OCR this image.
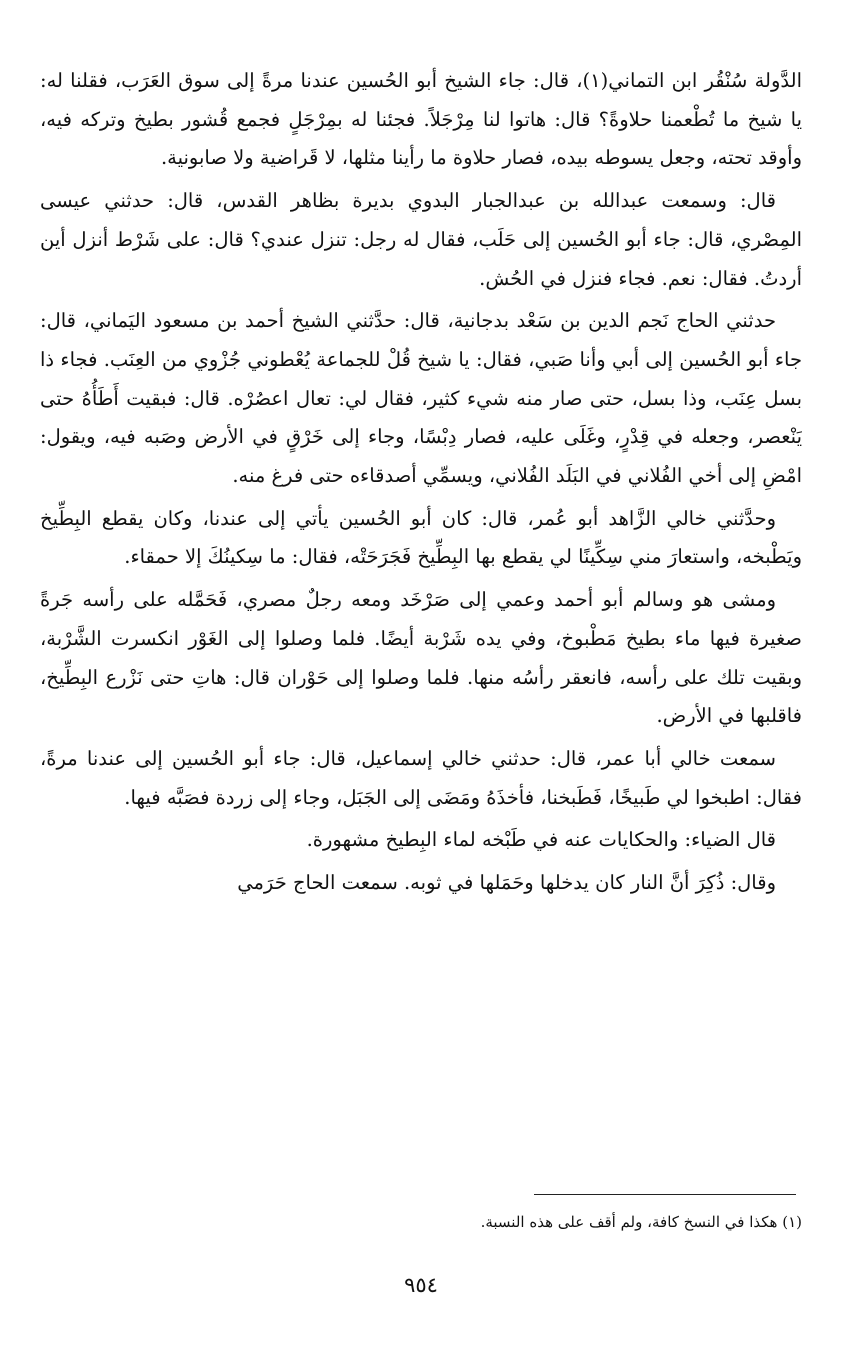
الدَّولة سُنْقُر ابن التماني(١)، قال: جاء الشيخ أبو الحُسين عندنا مرةً إلى سوق العَرَب، فقلنا له: يا شيخ ما تُطْعمنا حلاوةً؟ قال: هاتوا لنا مِرْجَلاً. فجئنا له بمِرْجَلٍ فجمع قُشور بطيخ وتركه فيه، وأوقد تحته، وجعل يسوطه بيده، فصار حلاوة ما رأينا مثلها، لا قَراضية ولا صابونية.

قال: وسمعت عبدالله بن عبدالجبار البدوي بديرة بظاهر القدس، قال: حدثني عيسى المِصْري، قال: جاء أبو الحُسين إلى حَلَب، فقال له رجل: تنزل عندي؟ قال: على شَرْط أنزل أين أردتُ. فقال: نعم. فجاء فنزل في الحُش.

حدثني الحاج نَجم الدين بن سَعْد بدجانية، قال: حدَّثني الشيخ أحمد بن مسعود اليَماني، قال: جاء أبو الحُسين إلى أبي وأنا صَبي، فقال: يا شيخ قُلْ للجماعة يُعْطوني جُزْوي من العِنَب. فجاء ذا بسل عِنَب، وذا بسل، حتى صار منه شيء كثير، فقال لي: تعال اعصُرْه. قال: فبقيت أَطَأُهُ حتى يَنْعصر، وجعله في قِدْرٍ، وغَلَى عليه، فصار دِبْسًا، وجاء إلى خَرْقٍ في الأرض وصَبه فيه، ويقول: امْضِ إلى أخي الفُلاني في البَلَد الفُلاني، ويسمِّي أصدقاءه حتى فرغ منه.

وحدَّثني خالي الزَّاهد أبو عُمر، قال: كان أبو الحُسين يأتي إلى عندنا، وكان يقطع البِطِّيخ ويَطْبخه، واستعارَ مني سِكِّينًا لي يقطع بها البِطِّيخ فَجَرَحَتْه، فقال: ما سِكينُكَ إلا حمقاء.

ومشى هو وسالم أبو أحمد وعمي إلى صَرْخَد ومعه رجلٌ مصري، فَحَمَّله على رأسه جَرةً صغيرة فيها ماء بطيخ مَطْبوخ، وفي يده شَرْبة أيضًا. فلما وصلوا إلى الغَوْر انكسرت الشَّرْبة، وبقيت تلك على رأسه، فانعقر رأسُه منها. فلما وصلوا إلى حَوْران قال: هاتِ حتى نَزْرع البِطِّيخ، فاقلبها في الأرض.

سمعت خالي أبا عمر، قال: حدثني خالي إسماعيل، قال: جاء أبو الحُسين إلى عندنا مرةً، فقال: اطبخوا لي طَبيخًا، فَطَبخنا، فأخذَهُ ومَضَى إلى الجَبَل، وجاء إلى زردة فصَبَّه فيها.

قال الضياء: والحكايات عنه في طَبْخه لماء البِطيخ مشهورة.

وقال: ذُكِرَ أنَّ النار كان يدخلها وحَمَلها في ثوبه. سمعت الحاج حَرَمي

(١) هكذا في النسخ كافة، ولم أقف على هذه النسبة.
٩٥٤
